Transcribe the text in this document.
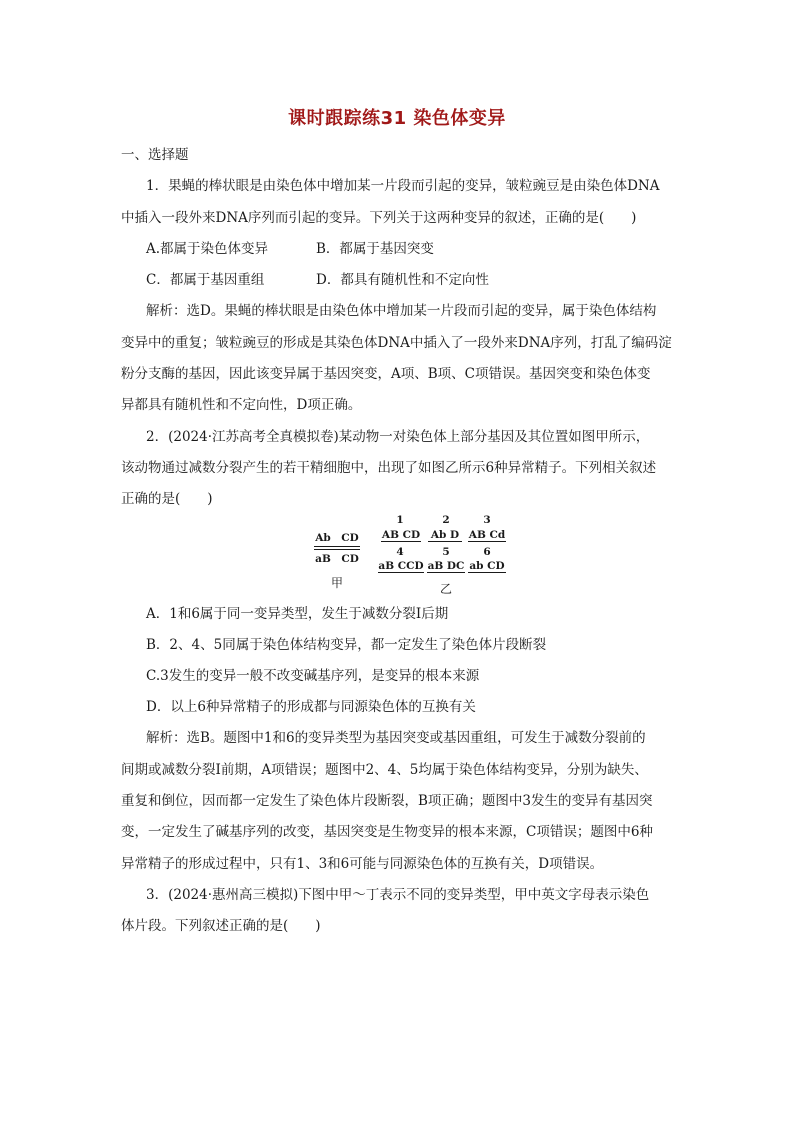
课时跟踪练31 染色体变异
一、选择题
1．果蝇的棒状眼是由染色体中增加某一片段而引起的变异，皱粒豌豆是由染色体DNA
中插入一段外来DNA序列而引起的变异。下列关于这两种变异的叙述，正确的是(　　)
A.都属于染色体变异	B．都属于基因突变
C．都属于基因重组	D．都具有随机性和不定向性
解析：选D。果蝇的棒状眼是由染色体中增加某一片段而引起的变异，属于染色体结构
变异中的重复；皱粒豌豆的形成是其染色体DNA中插入了一段外来DNA序列，打乱了编码淀
粉分支酶的基因，因此该变异属于基因突变，A项、B项、C项错误。基因突变和染色体变
异都具有随机性和不定向性，D项正确。
2．(2024·江苏高考全真模拟卷)某动物一对染色体上部分基因及其位置如图甲所示，
该动物通过减数分裂产生的若干精细胞中，出现了如图乙所示6种异常精子。下列相关叙述
正确的是(　　)
Ab　CD
aB　CD
甲
1	2	3
AB CD Ab D AB Cd
4	5	6
aB CCD aB DC ab CD
乙
A．1和6属于同一变异类型，发生于减数分裂Ⅰ后期
B．2、4、5同属于染色体结构变异，都一定发生了染色体片段断裂
C.3发生的变异一般不改变碱基序列，是变异的根本来源
D．以上6种异常精子的形成都与同源染色体的互换有关
解析：选B。题图中1和6的变异类型为基因突变或基因重组，可发生于减数分裂前的
间期或减数分裂Ⅰ前期，A项错误；题图中2、4、5均属于染色体结构变异，分别为缺失、
重复和倒位，因而都一定发生了染色体片段断裂，B项正确；题图中3发生的变异有基因突
变，一定发生了碱基序列的改变，基因突变是生物变异的根本来源，C项错误；题图中6种
异常精子的形成过程中，只有1、3和6可能与同源染色体的互换有关，D项错误。
3．(2024·惠州高三模拟)下图中甲～丁表示不同的变异类型，甲中英文字母表示染色
体片段。下列叙述正确的是(　　)
